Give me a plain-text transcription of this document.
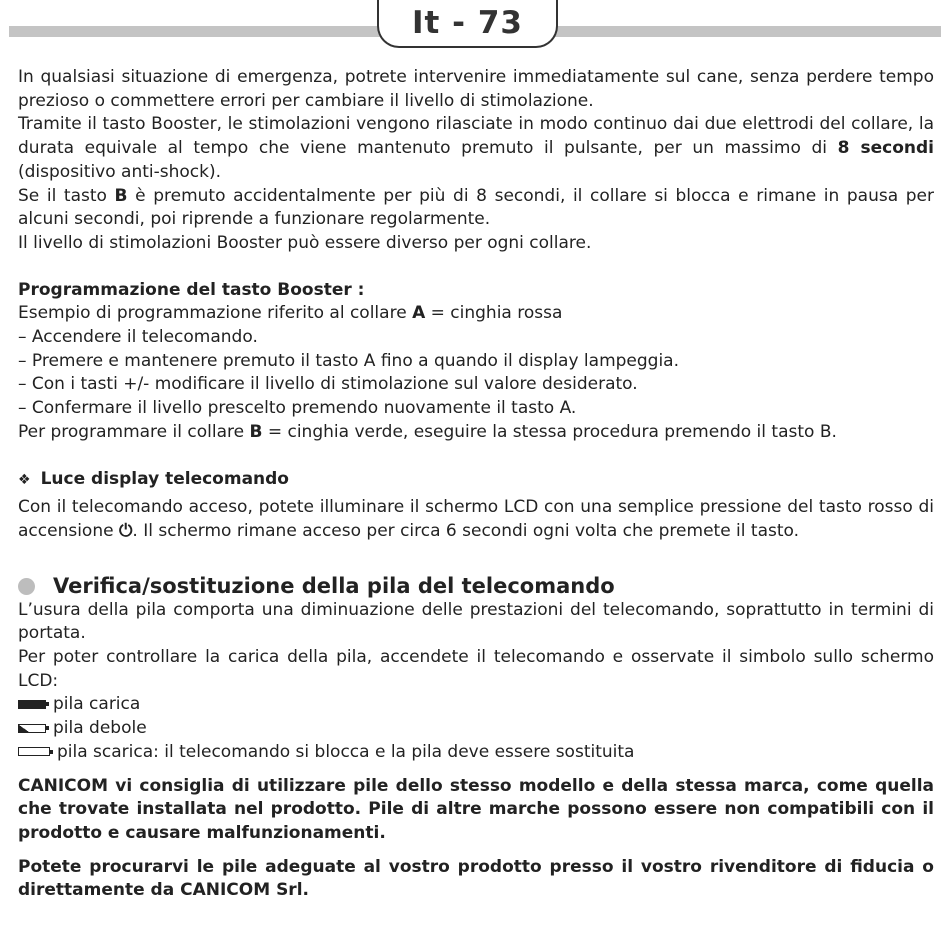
It - 73

In qualsiasi situazione di emergenza, potrete intervenire immediatamente sul cane, senza perdere tempo prezioso o commettere errori per cambiare il livello di stimolazione.

Tramite il tasto Booster, le stimolazioni vengono rilasciate in modo continuo dai due elettrodi del collare, la durata equivale al tempo che viene mantenuto premuto il pulsante, per un massimo di 8 secondi (dispositivo anti-shock).

Se il tasto B è premuto accidentalmente per più di 8 secondi, il collare si blocca e rimane in pausa per alcuni secondi, poi riprende a funzionare regolarmente.

Il livello di stimolazioni Booster può essere diverso per ogni collare.

Programmazione del tasto Booster :

Esempio di programmazione riferito al collare A = cinghia rossa

– Accendere il telecomando.

– Premere e mantenere premuto il tasto A fino a quando il display lampeggia.

– Con i tasti +/- modificare il livello di stimolazione sul valore desiderato.

– Confermare il livello prescelto premendo nuovamente il tasto A.

Per programmare il collare B = cinghia verde, eseguire la stessa procedura premendo il tasto B.

❖ Luce display telecomando

Con il telecomando acceso, potete illuminare il schermo LCD con una semplice pressione del tasto rosso di accensione ⏻. Il schermo rimane acceso per circa 6 secondi ogni volta che premete il tasto.

Verifica/sostituzione della pila del telecomando

L’usura della pila comporta una diminuazione delle prestazioni del telecomando, soprattutto in termini di portata.

Per poter controllare la carica della pila, accendete il telecomando e osservate il simbolo sullo schermo LCD:

pila carica

pila debole

pila scarica: il telecomando si blocca e la pila deve essere sostituita

CANICOM vi consiglia di utilizzare pile dello stesso modello e della stessa marca, come quella che trovate installata nel prodotto. Pile di altre marche possono essere non compatibili con il prodotto e causare malfunzionamenti.

Potete procurarvi le pile adeguate al vostro prodotto presso il vostro rivenditore di fiducia o direttamente da CANICOM Srl.
